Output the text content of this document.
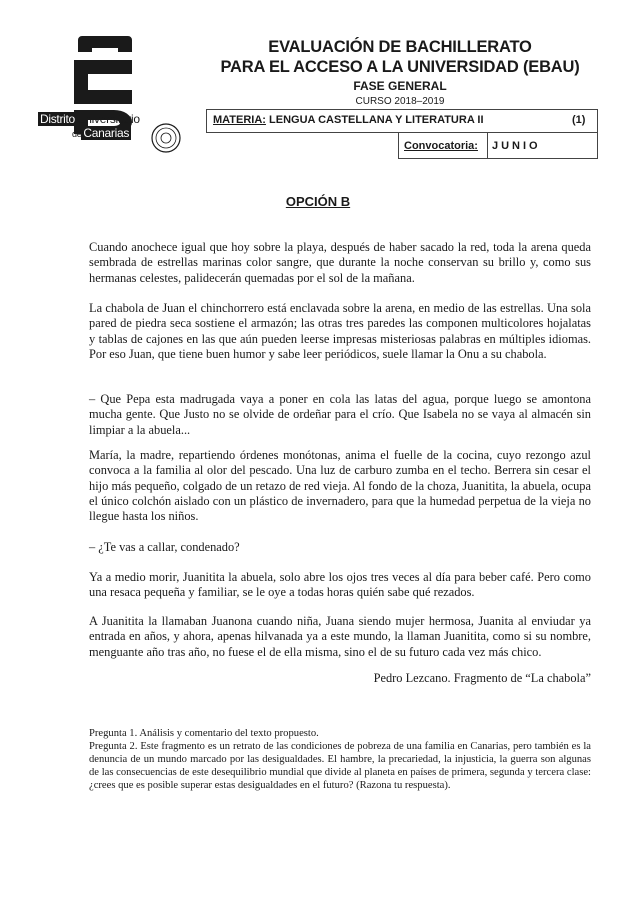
Distrito Universitario
de Canarias
EVALUACIÓN DE BACHILLERATO
PARA EL ACCESO A LA UNIVERSIDAD (EBAU)
FASE GENERAL
CURSO 2018–2019
MATERIA: LENGUA CASTELLANA Y LITERATURA II	(1)
Convocatoria: JUNIO
OPCIÓN B

Cuando anochece igual que hoy sobre la playa, después de haber sacado la red, toda la arena queda sembrada de estrellas marinas color sangre, que durante la noche conservan su brillo y, como sus hermanas celestes, palidecerán quemadas por el sol de la mañana.

La chabola de Juan el chinchorrero está enclavada sobre la arena, en medio de las estrellas. Una sola pared de piedra seca sostiene el armazón; las otras tres paredes las componen multicolores hojalatas y tablas de cajones en las que aún pueden leerse impresas misteriosas palabras en múltiples idiomas. Por eso Juan, que tiene buen humor y sabe leer periódicos, suele llamar la Onu a su chabola.

– Que Pepa esta madrugada vaya a poner en cola las latas del agua, porque luego se amontona mucha gente. Que Justo no se olvide de ordeñar para el crío. Que Isabela no se vaya al almacén sin limpiar a la abuela...

María, la madre, repartiendo órdenes monótonas, anima el fuelle de la cocina, cuyo rezongo azul convoca a la familia al olor del pescado. Una luz de carburo zumba en el techo. Berrera sin cesar el hijo más pequeño, colgado de un retazo de red vieja. Al fondo de la choza, Juanitita, la abuela, ocupa el único colchón aislado con un plástico de invernadero, para que la humedad perpetua de la vieja no llegue hasta los niños.

– ¿Te vas a callar, condenado?

Ya a medio morir, Juanitita la abuela, solo abre los ojos tres veces al día para beber café. Pero como una resaca pequeña y familiar, se le oye a todas horas quién sabe qué rezados.

A Juanitita la llamaban Juanona cuando niña, Juana siendo mujer hermosa, Juanita al enviudar ya entrada en años, y ahora, apenas hilvanada ya a este mundo, la llaman Juanitita, como si su nombre, menguante año tras año, no fuese el de ella misma, sino el de su futuro cada vez más chico.

Pedro Lezcano. Fragmento de “La chabola”

Pregunta 1. Análisis y comentario del texto propuesto.

Pregunta 2. Este fragmento es un retrato de las condiciones de pobreza de una familia en Canarias, pero también es la denuncia de un mundo marcado por las desigualdades. El hambre, la precariedad, la injusticia, la guerra son algunas de las consecuencias de este desequilibrio mundial que divide al planeta en países de primera, segunda y tercera clase: ¿crees que es posible superar estas desigualdades en el futuro? (Razona tu respuesta).
